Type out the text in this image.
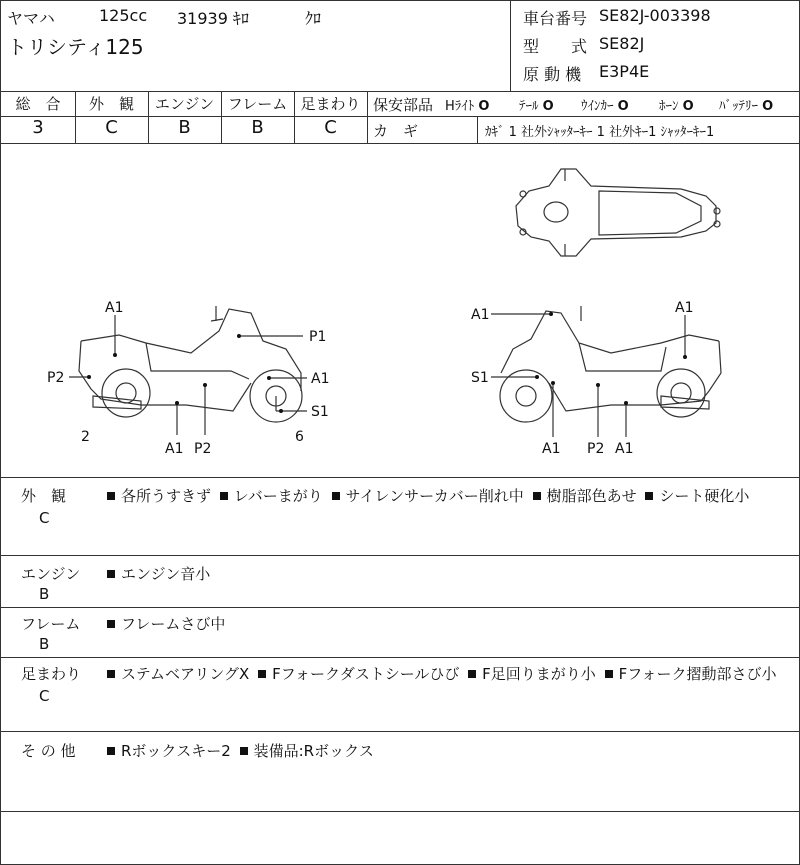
ヤマハ	125cc 31939 ｷﾛ	ｸﾛ
トリシティ125
車台番号 SE82J-003398
型　　式 SE82J
原 動 機 E3P4E
総　合	外　観	エンジン フレーム 足まわり
3	C	B	B	C
保安部品 Hﾗｲﾄ O ﾃｰﾙ O ｳｲﾝｶｰ O ﾎｰﾝ O ﾊﾞｯﾃﾘｰ O
カ　ギ	ｶｷﾞ 1 社外ｼｬｯﾀｰｷｰ 1 社外ｷｰ1 ｼｬｯﾀｰｷｰ1
A1
P2
P1
A1
S1
2
A1 P2
6
A1	A1
S1
A1 P2 A1
外　観
C
各所うすきず レバーまがり サイレンサーカバー削れ中 樹脂部色あせ シート硬化小
エンジン
B
エンジン音小
フレーム
B
フレームさび中
足まわり
C
ステムベアリングX Fフォークダストシールひび F足回りまがり小 Fフォーク摺動部さび小
そ の 他	Rボックスキー2 装備品:Rボックス
